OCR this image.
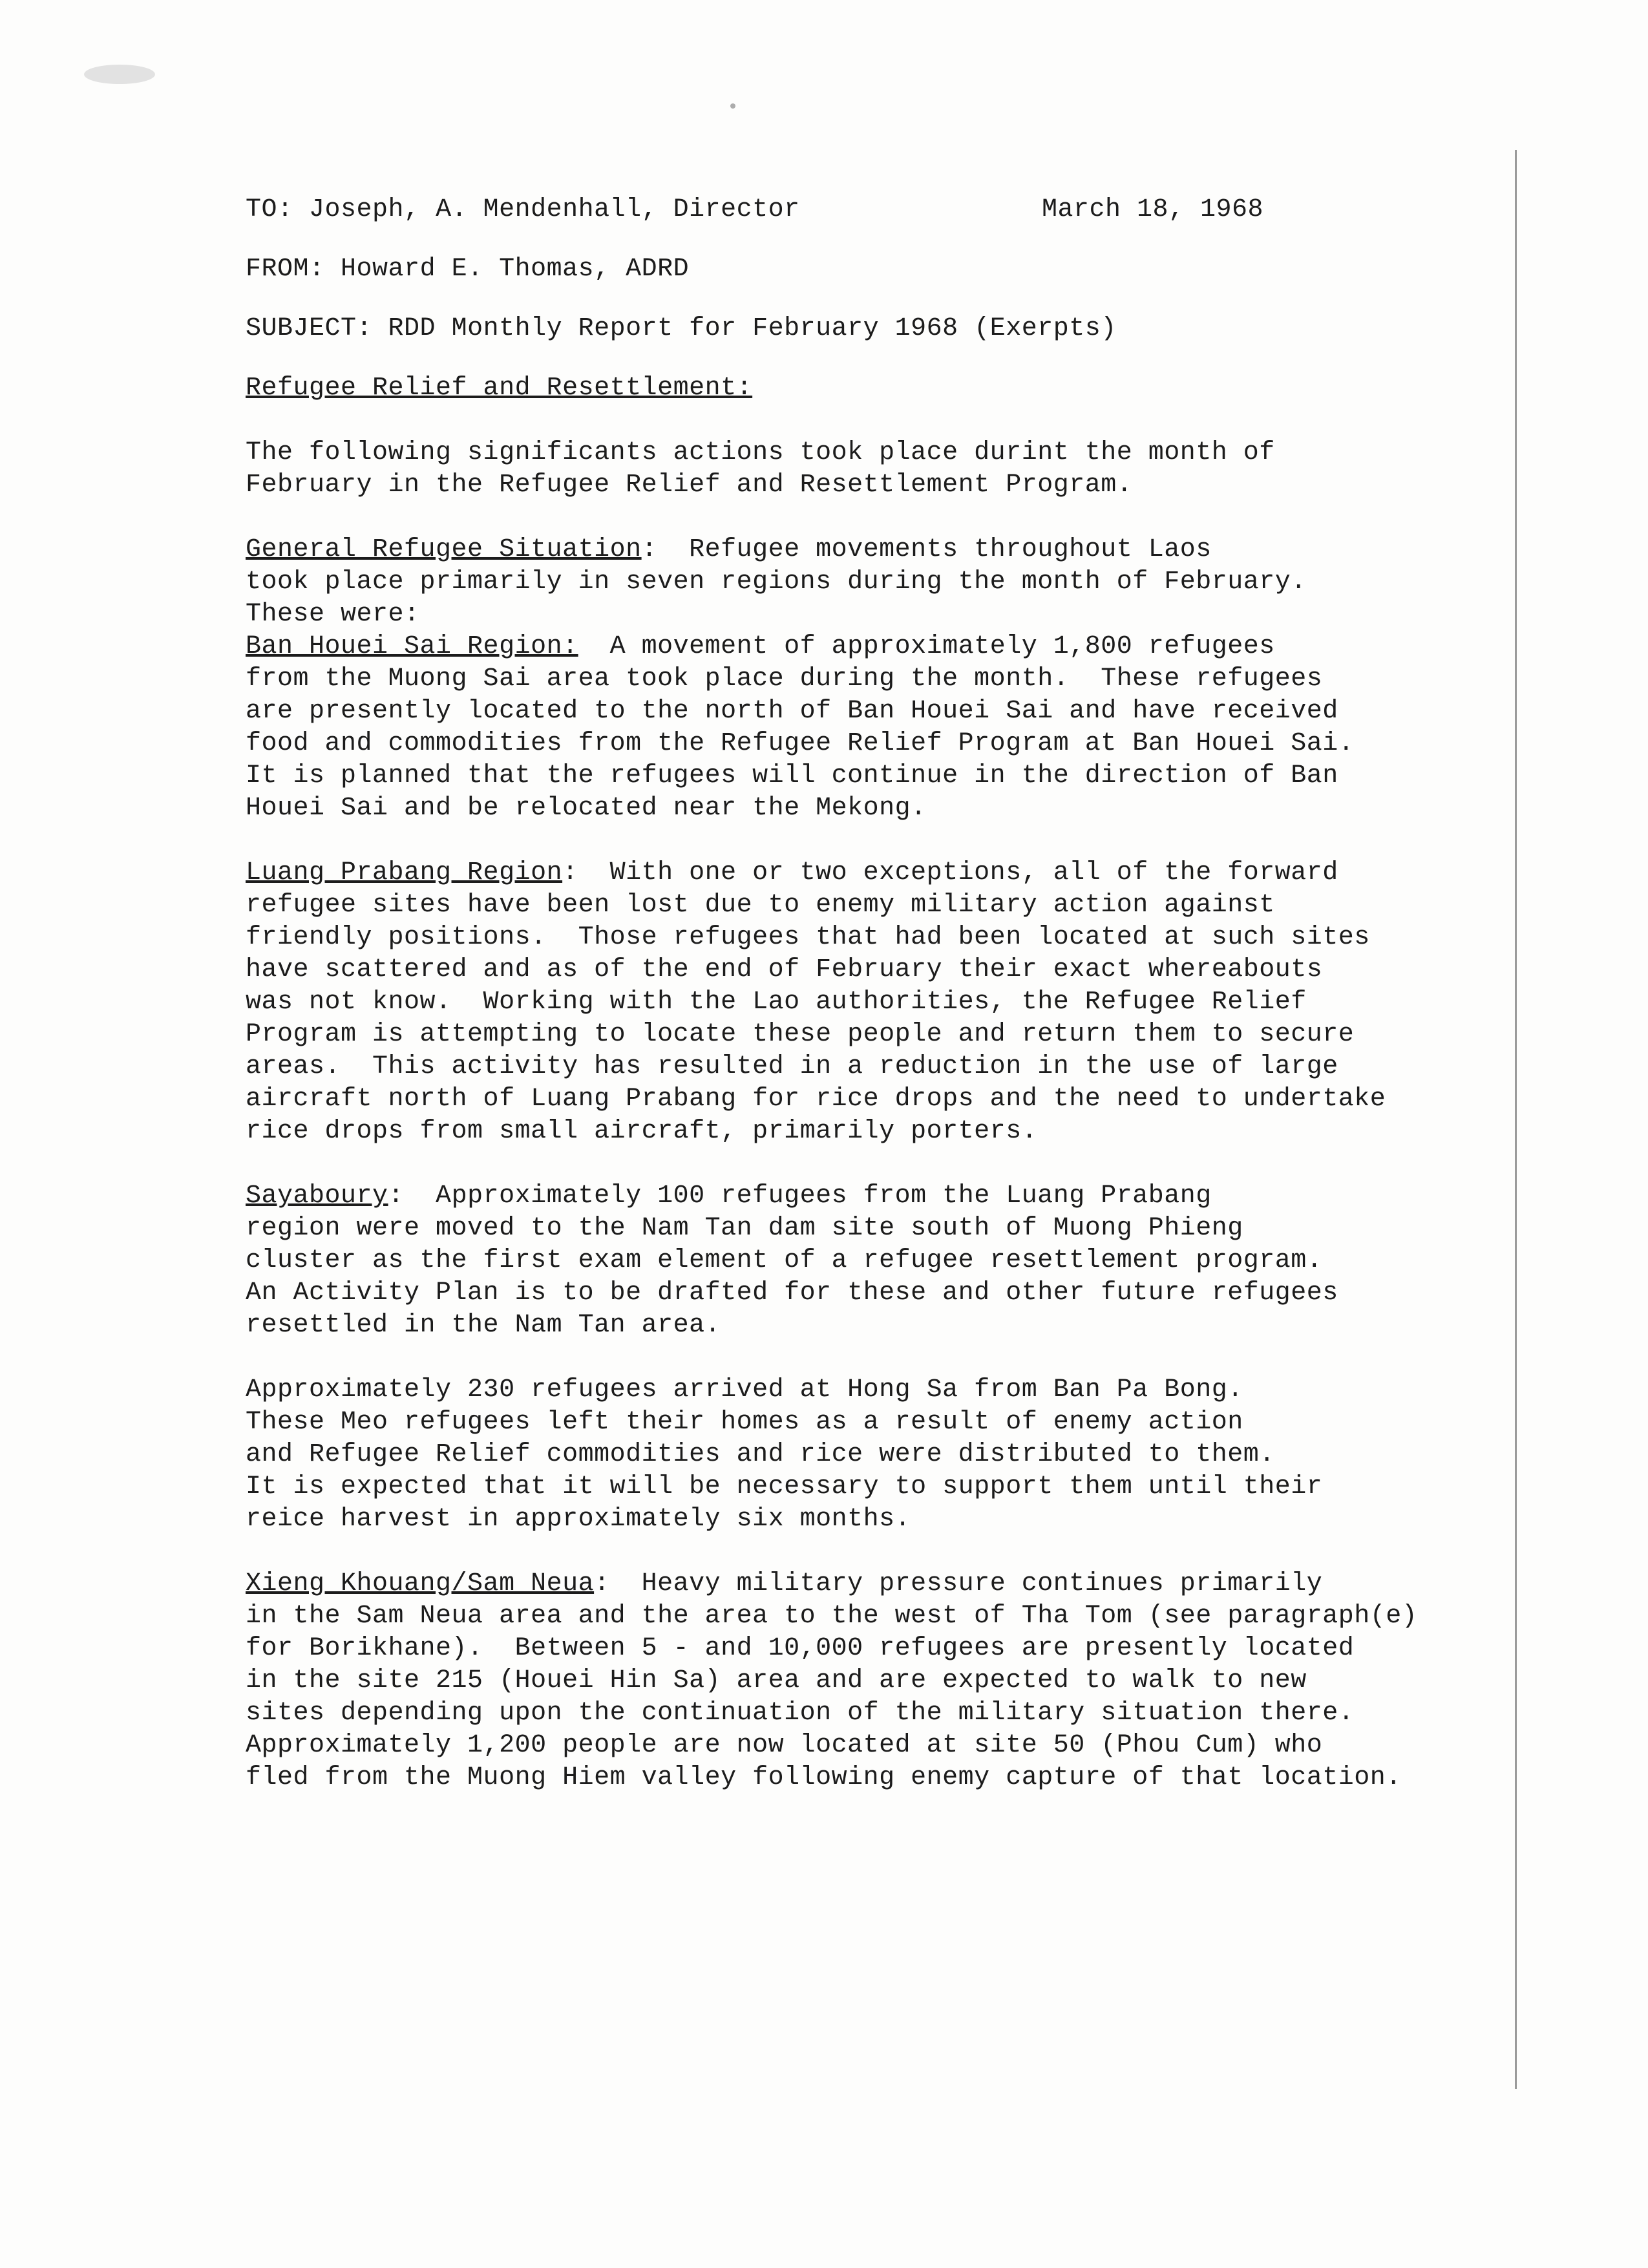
TO: Joseph, A. Mendenhall, Director	March 18, 1968
FROM: Howard E. Thomas, ADRD
SUBJECT: RDD Monthly Report for February 1968 (Exerpts)
Refugee Relief and Resettlement:
The following significants actions took place durint the month of
February in the Refugee Relief and Resettlement Program.
General Refugee Situation:  Refugee movements throughout Laos
took place primarily in seven regions during the month of February.
These were:
Ban Houei Sai Region:  A movement of approximately 1,800 refugees
from the Muong Sai area took place during the month.  These refugees
are presently located to the north of Ban Houei Sai and have received
food and commodities from the Refugee Relief Program at Ban Houei Sai.
It is planned that the refugees will continue in the direction of Ban
Houei Sai and be relocated near the Mekong.
Luang Prabang Region:  With one or two exceptions, all of the forward
refugee sites have been lost due to enemy military action against
friendly positions.  Those refugees that had been located at such sites
have scattered and as of the end of February their exact whereabouts
was not know.  Working with the Lao authorities, the Refugee Relief
Program is attempting to locate these people and return them to secure
areas.  This activity has resulted in a reduction in the use of large
aircraft north of Luang Prabang for rice drops and the need to undertake
rice drops from small aircraft, primarily porters.
Sayaboury:  Approximately 100 refugees from the Luang Prabang
region were moved to the Nam Tan dam site south of Muong Phieng
cluster as the first exam element of a refugee resettlement program.
An Activity Plan is to be drafted for these and other future refugees
resettled in the Nam Tan area.
Approximately 230 refugees arrived at Hong Sa from Ban Pa Bong.
These Meo refugees left their homes as a result of enemy action
and Refugee Relief commodities and rice were distributed to them.
It is expected that it will be necessary to support them until their
reice harvest in approximately six months.
Xieng Khouang/Sam Neua:  Heavy military pressure continues primarily
in the Sam Neua area and the area to the west of Tha Tom (see paragraph(e)
for Borikhane).  Between 5 - and 10,000 refugees are presently located
in the site 215 (Houei Hin Sa) area and are expected to walk to new
sites depending upon the continuation of the military situation there.
Approximately 1,200 people are now located at site 50 (Phou Cum) who
fled from the Muong Hiem valley following enemy capture of that location.
